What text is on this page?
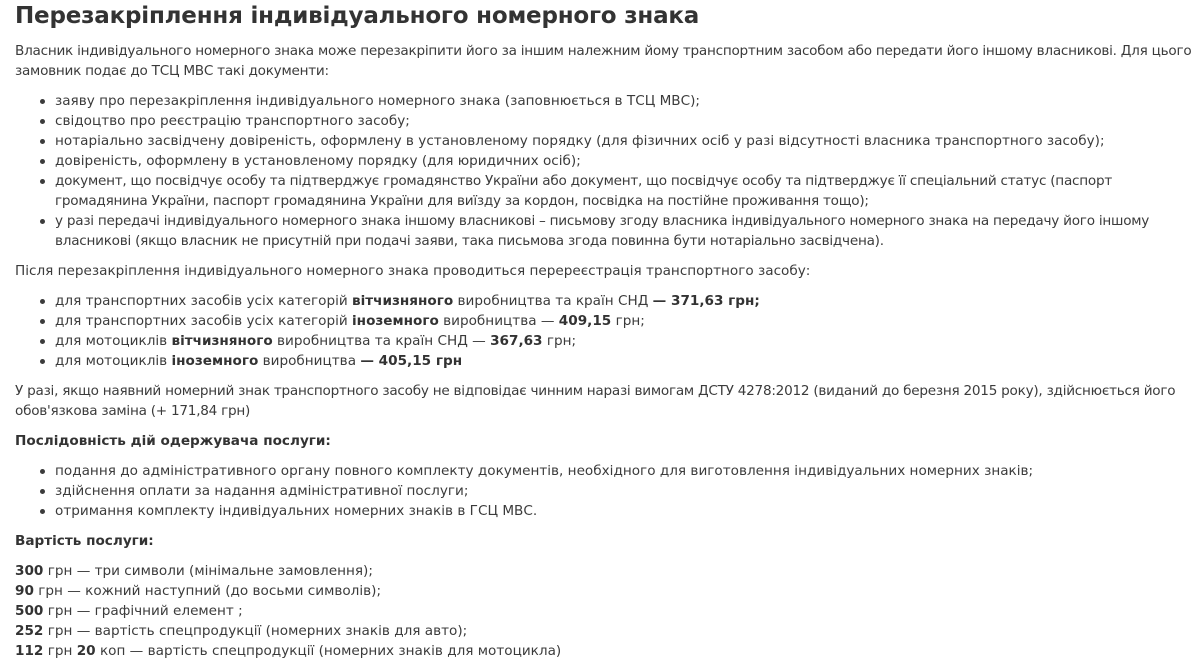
Перезакріплення індивідуального номерного знака

Власник індивідуального номерного знака може перезакріпити його за іншим належним йому транспортним засобом або передати його іншому власникові. Для цього замовник подає до ТСЦ МВС такі документи:

заяву про перезакріплення індивідуального номерного знака (заповнюється в ТСЦ МВС);
свідоцтво про реєстрацію транспортного засобу;
нотаріально засвідчену довіреність, оформлену в установленому порядку (для фізичних осіб у разі відсутності власника транспортного засобу);
довіреність, оформлену в установленому порядку (для юридичних осіб);
документ, що посвідчує особу та підтверджує громадянство України або документ, що посвідчує особу та підтверджує її спеціальний статус (паспорт громадянина України, паспорт громадянина України для виїзду за кордон, посвідка на постійне проживання тощо);
у разі передачі індивідуального номерного знака іншому власникові – письмову згоду власника індивідуального номерного знака на передачу його іншому власникові (якщо власник не присутній при подачі заяви, така письмова згода повинна бути нотаріально засвідчена).

Після перезакріплення індивідуального номерного знака проводиться перереєстрація транспортного засобу:

для транспортних засобів усіх категорій вітчизняного виробництва та країн СНД — 371,63 грн;
для транспортних засобів усіх категорій іноземного виробництва — 409,15 грн;
для мотоциклів вітчизняного виробництва та країн СНД — 367,63 грн;
для мотоциклів іноземного виробництва — 405,15 грн

У разі, якщо наявний номерний знак транспортного засобу не відповідає чинним наразі вимогам ДСТУ 4278:2012 (виданий до березня 2015 року), здійснюється його обов'язкова заміна (+ 171,84 грн)

Послідовність дій одержувача послуги:

подання до адміністративного органу повного комплекту документів, необхідного для виготовлення індивідуальних номерних знаків;
здійснення оплати за надання адміністративної послуги;
отримання комплекту індивідуальних номерних знаків в ГСЦ МВС.

Вартість послуги:

300 грн — три символи (мінімальне замовлення);

90 грн — кожний наступний (до восьми символів);

500 грн — графічний елемент ;

252 грн — вартість спецпродукції (номерних знаків для авто);

112 грн 20 коп — вартість спецпродукції (номерних знаків для мотоцикла)
